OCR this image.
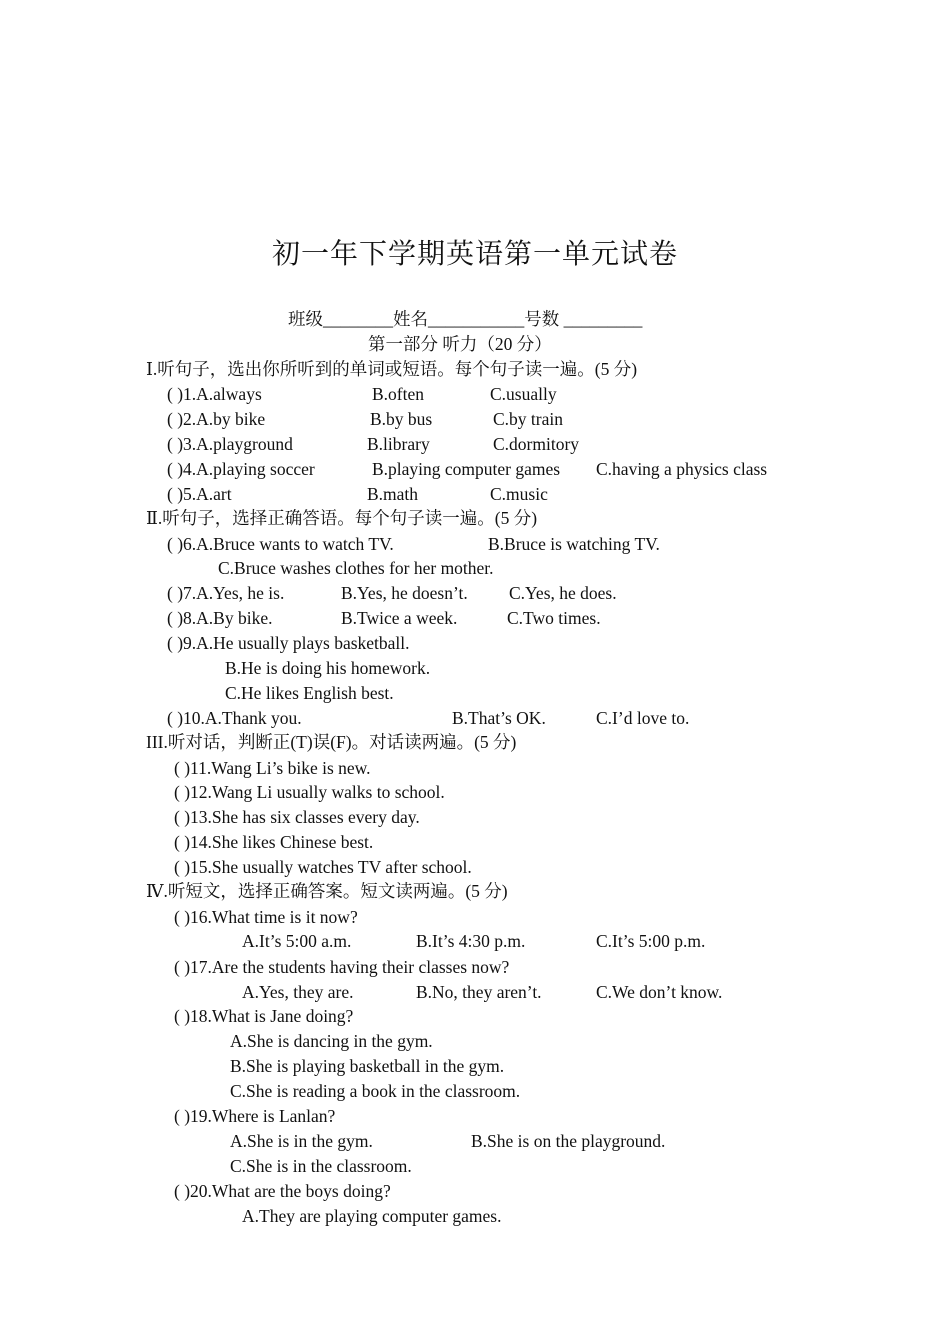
初一年下学期英语第一单元试卷
班级________姓名___________号数 _________
第一部分 听力（20 分）
Ⅰ.听句子，选出你所听到的单词或短语。每个句子读一遍。(5 分)
( )1.A.always	B.often	C.usually
( )2.A.by bike	B.by bus	C.by train
( )3.A.playground	B.library	C.dormitory
( )4.A.playing soccer	B.playing computer games C.having a physics class
( )5.A.art	B.math	C.music
Ⅱ.听句子，选择正确答语。每个句子读一遍。(5 分)
( )6.A.Bruce wants to watch TV.	B.Bruce is watching TV.
C.Bruce washes clothes for her mother.
( )7.A.Yes, he is.	B.Yes, he doesn’t. C.Yes, he does.
( )8.A.By bike.	B.Twice a week.	C.Two times.
( )9.A.He usually plays basketball.
B.He is doing his homework.
C.He likes English best.
( )10.A.Thank you.	B.That’s OK.	C.I’d love to.
III.听对话，判断正(T)误(F)。对话读两遍。(5 分)
( )11.Wang Li’s bike is new.
( )12.Wang Li usually walks to school.
( )13.She has six classes every day.
( )14.She likes Chinese best.
( )15.She usually watches TV after school.
Ⅳ.听短文，选择正确答案。短文读两遍。(5 分)
( )16.What time is it now?
A.It’s 5:00 a.m.	B.It’s 4:30 p.m.	C.It’s 5:00 p.m.
( )17.Are the students having their classes now?
A.Yes, they are.	B.No, they aren’t.	C.We don’t know.
( )18.What is Jane doing?
A.She is dancing in the gym.
B.She is playing basketball in the gym.
C.She is reading a book in the classroom.
( )19.Where is Lanlan?
A.She is in the gym.	B.She is on the playground.
C.She is in the classroom.
( )20.What are the boys doing?
A.They are playing computer games.
